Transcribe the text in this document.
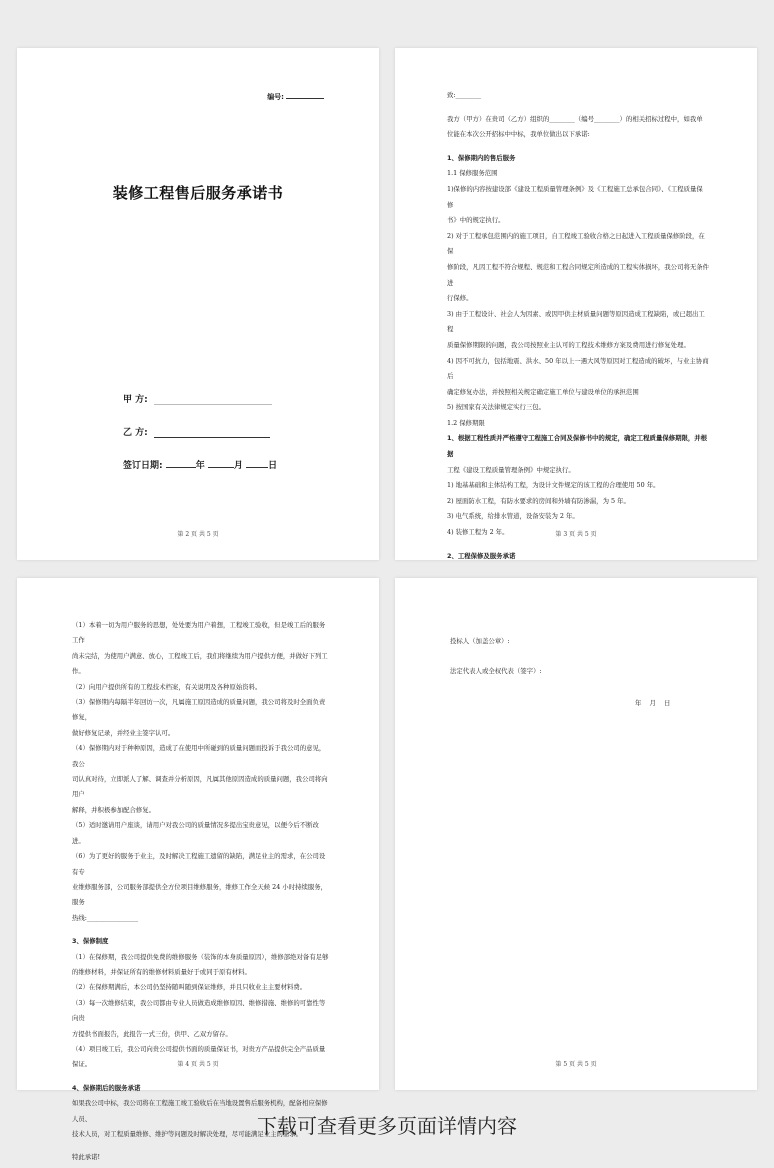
编号:
装修工程售后服务承诺书
甲 方:
乙 方:
签订日期:	年	月	日
第 2 页 共 5 页

致:________

我方（甲方）在贵司（乙方）组织的________（编号________）的相关招标过程中，如我单

位能在本次公开招标中中标，我单位做出以下承诺:

1、保修期内的售后服务

1.1 保修服务范围

1)保修的内容按建设部《建设工程质量管理条例》及《工程施工总承包合同》、《工程质量保修

书》中的规定执行。

2) 对于工程承包范围内的施工项目，自工程竣工验收合格之日起进入工程质量保修阶段，在保

修阶段，凡因工程不符合规程、规范和工程合同规定所造成的工程实体损坏，我公司将无条件进

行保修。

3) 由于工程设计、社会人为因素、或因甲供主材质量问题等原因造成工程缺陷，或已超出工程

质量保修期限的问题，我公司按照业主认可的工程技术维修方案及费用进行修复处理。

4) 因不可抗力，包括地震、洪水、50 年以上一遇大风等原因对工程造成的破坏，与业主协商后

确定修复办法，并按照相关规定确定施工单位与建设单位的承担范围

5) 按国家有关法律规定实行三包。

1.2 保修期限

1、根据工程性质并严格遵守工程施工合同及保修书中的规定，确定工程质量保修期限，并根据

工程《建设工程质量管理条例》中规定执行。

1) 地基基础和主体结构工程，为设计文件规定的该工程的合理使用 50 年。

2) 屋面防水工程，有防水要求的房间和外墙有防渗漏，为 5 年。

3) 电气系统，给排水管道，设备安装为 2 年。

4) 装修工程为 2 年。

2、工程保修及服务承诺

第 3 页 共 5 页

（1）本着一切为用户服务的思想，处处要为用户着想，工程竣工验收，但是竣工后的服务工作

尚未完结，为使用户满意、放心，工程竣工后，我们将继续为用户提供方便，并做好下列工作。

（2）向用户提供所有的工程技术档案，有关说明及各种原始资料。

（3）保修期内每隔半年回访一次，凡属施工原因造成的质量问题，我公司将及时全面负责修复，

做好修复记录，并经业主签字认可。

（4）保修期内对于种种原因，造成了在使用中所碰到的质量问题而投诉于我公司的意见，我公

司认真对待，立即派人了解、调查并分析原因，凡属其他原因造成的质量问题，我公司将向用户

解释，并积极参加配合修复。

（5）适时邀请用户座谈，请用户对我公司的质量情况多提出宝贵意见，以便今后不断改

进。

（6）为了更好的服务于业主，及时解决工程施工遗留的缺陷，满足业主的需求，在公司设有专

业维修服务部，公司服务部提供全方位项目维修服务，维修工作全天候 24 小时持续服务，服务

热线:________________

3、保修制度

（1）在保修期，我公司提供免费的维修服务（装饰的本身质量原因），维修部绝对备有足够

的维修材料，并保证所有的维修材料质量好于或同于原有材料。

（2）在保修期满后，本公司仍坚持随叫随到保证维修，并且只收业主主要材料费。

（3）每一次维修结束，我公司都由专业人员做造成维修原因、维修措施、维修的可靠性等向贵

方提供书面报告，此报告一式三份，供甲、乙双方留存。

（4）项目竣工后，我公司向贵公司提供书面的质量保证书，对贵方产品提供完全产品质量保证。

4、保修期后的服务承诺

如果我公司中标，我公司将在工程施工竣工验收后在当地设置售后服务机构，配备相应保修人员、

技术人员，对工程质量维修、维护等问题及时解决处理，尽可能满足业主的需求。

特此承诺!

第 4 页 共 5 页
投标人（加盖公章）:
法定代表人或全权代表（签字）:
年    月    日
第 5 页 共 5 页
下载可查看更多页面详情内容
